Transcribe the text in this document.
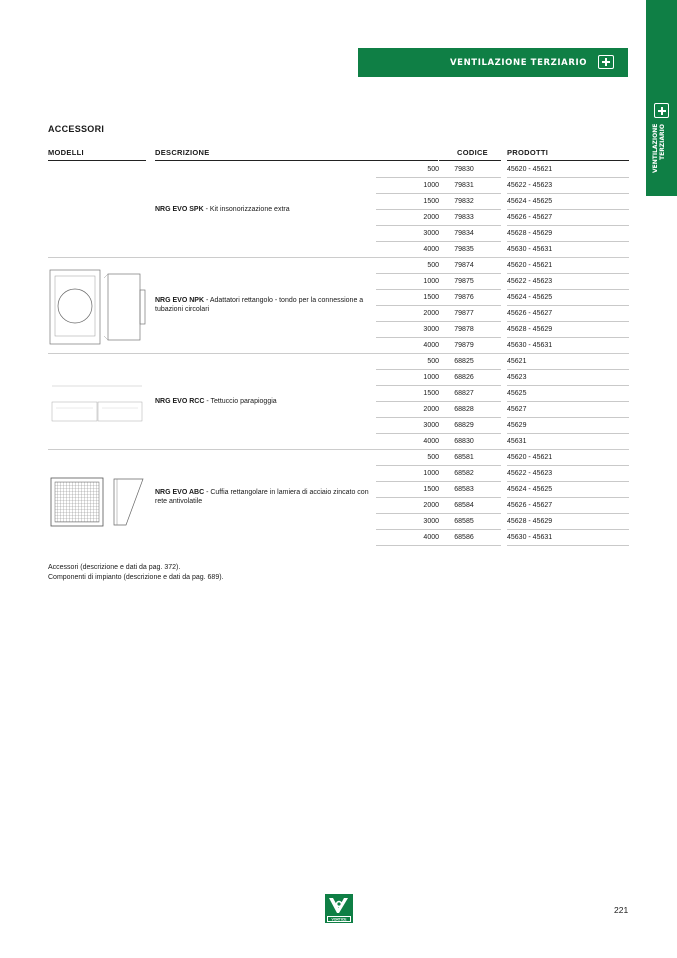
VENTILAZIONE TERZIARIO
VENTILAZIONE TERZIARIO
ACCESSORI
MODELLI	DESCRIZIONE	CODICE	PRODOTTI
NRG EVO SPK - Kit insonorizzazione extra
500	79830	45620 - 45621
1000	79831	45622 - 45623
1500	79832	45624 - 45625
2000	79833	45626 - 45627
3000	79834	45628 - 45629
4000	79835	45630 - 45631
NRG EVO NPK - Adattatori rettangolo - tondo per la connessione a tubazioni circolari
500	79874	45620 - 45621
1000	79875	45622 - 45623
1500	79876	45624 - 45625
2000	79877	45626 - 45627
3000	79878	45628 - 45629
4000	79879	45630 - 45631
NRG EVO RCC - Tettuccio parapioggia
500	68825	45621
1000	68826	45623
1500	68827	45625
2000	68828	45627
3000	68829	45629
4000	68830	45631
NRG EVO ABC - Cuffia rettangolare in lamiera di acciaio zincato con rete antivolatile
500	68581	45620 - 45621
1000	68582	45622 - 45623
1500	68583	45624 - 45625
2000	68584	45626 - 45627
3000	68585	45628 - 45629
4000	68586	45630 - 45631
Accessori (descrizione e dati da pag. 372).
Componenti di impianto (descrizione e dati da pag. 689).
VORTICE
221
